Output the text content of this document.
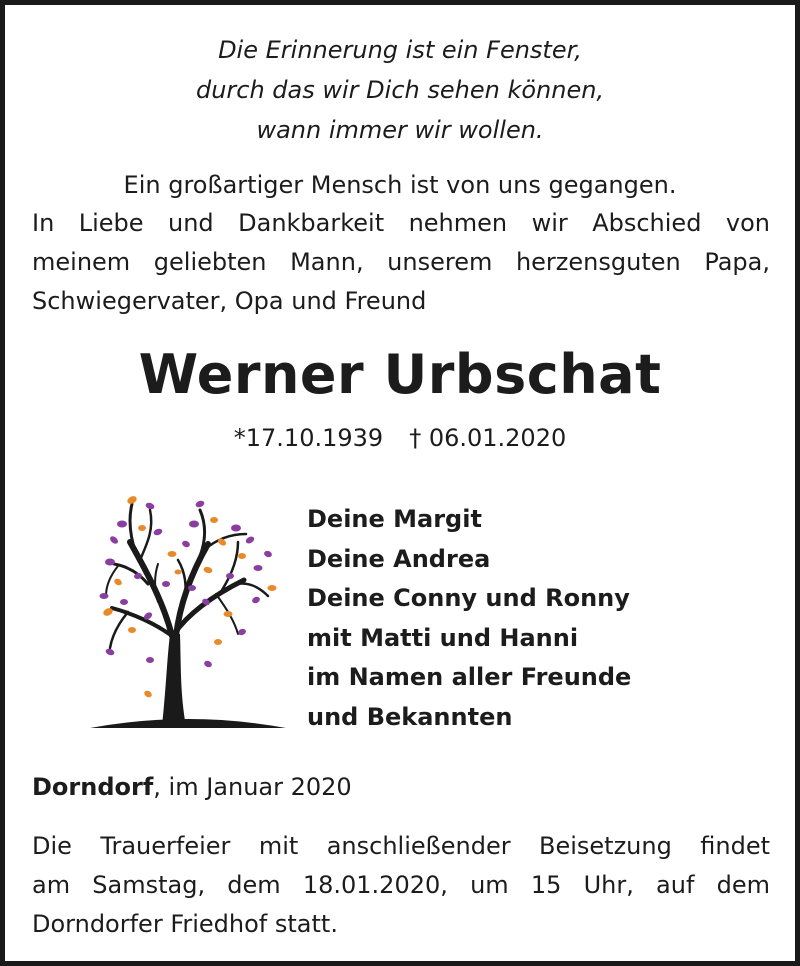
Die Erinnerung ist ein Fenster,
durch das wir Dich sehen können,
wann immer wir wollen.
Ein großartiger Mensch ist von uns gegangen.
In Liebe und Dankbarkeit nehmen wir Abschied von
meinem geliebten Mann, unserem herzensguten Papa,
Schwiegervater, Opa und Freund
Werner Urbschat
*17.10.1939 † 06.01.2020
Deine Margit
Deine Andrea
Deine Conny und Ronny
mit Matti und Hanni
im Namen aller Freunde
und Bekannten
Dorndorf, im Januar 2020
Die Trauerfeier mit anschließender Beisetzung findet
am Samstag, dem 18.01.2020, um 15 Uhr, auf dem
Dorndorfer Friedhof statt.
